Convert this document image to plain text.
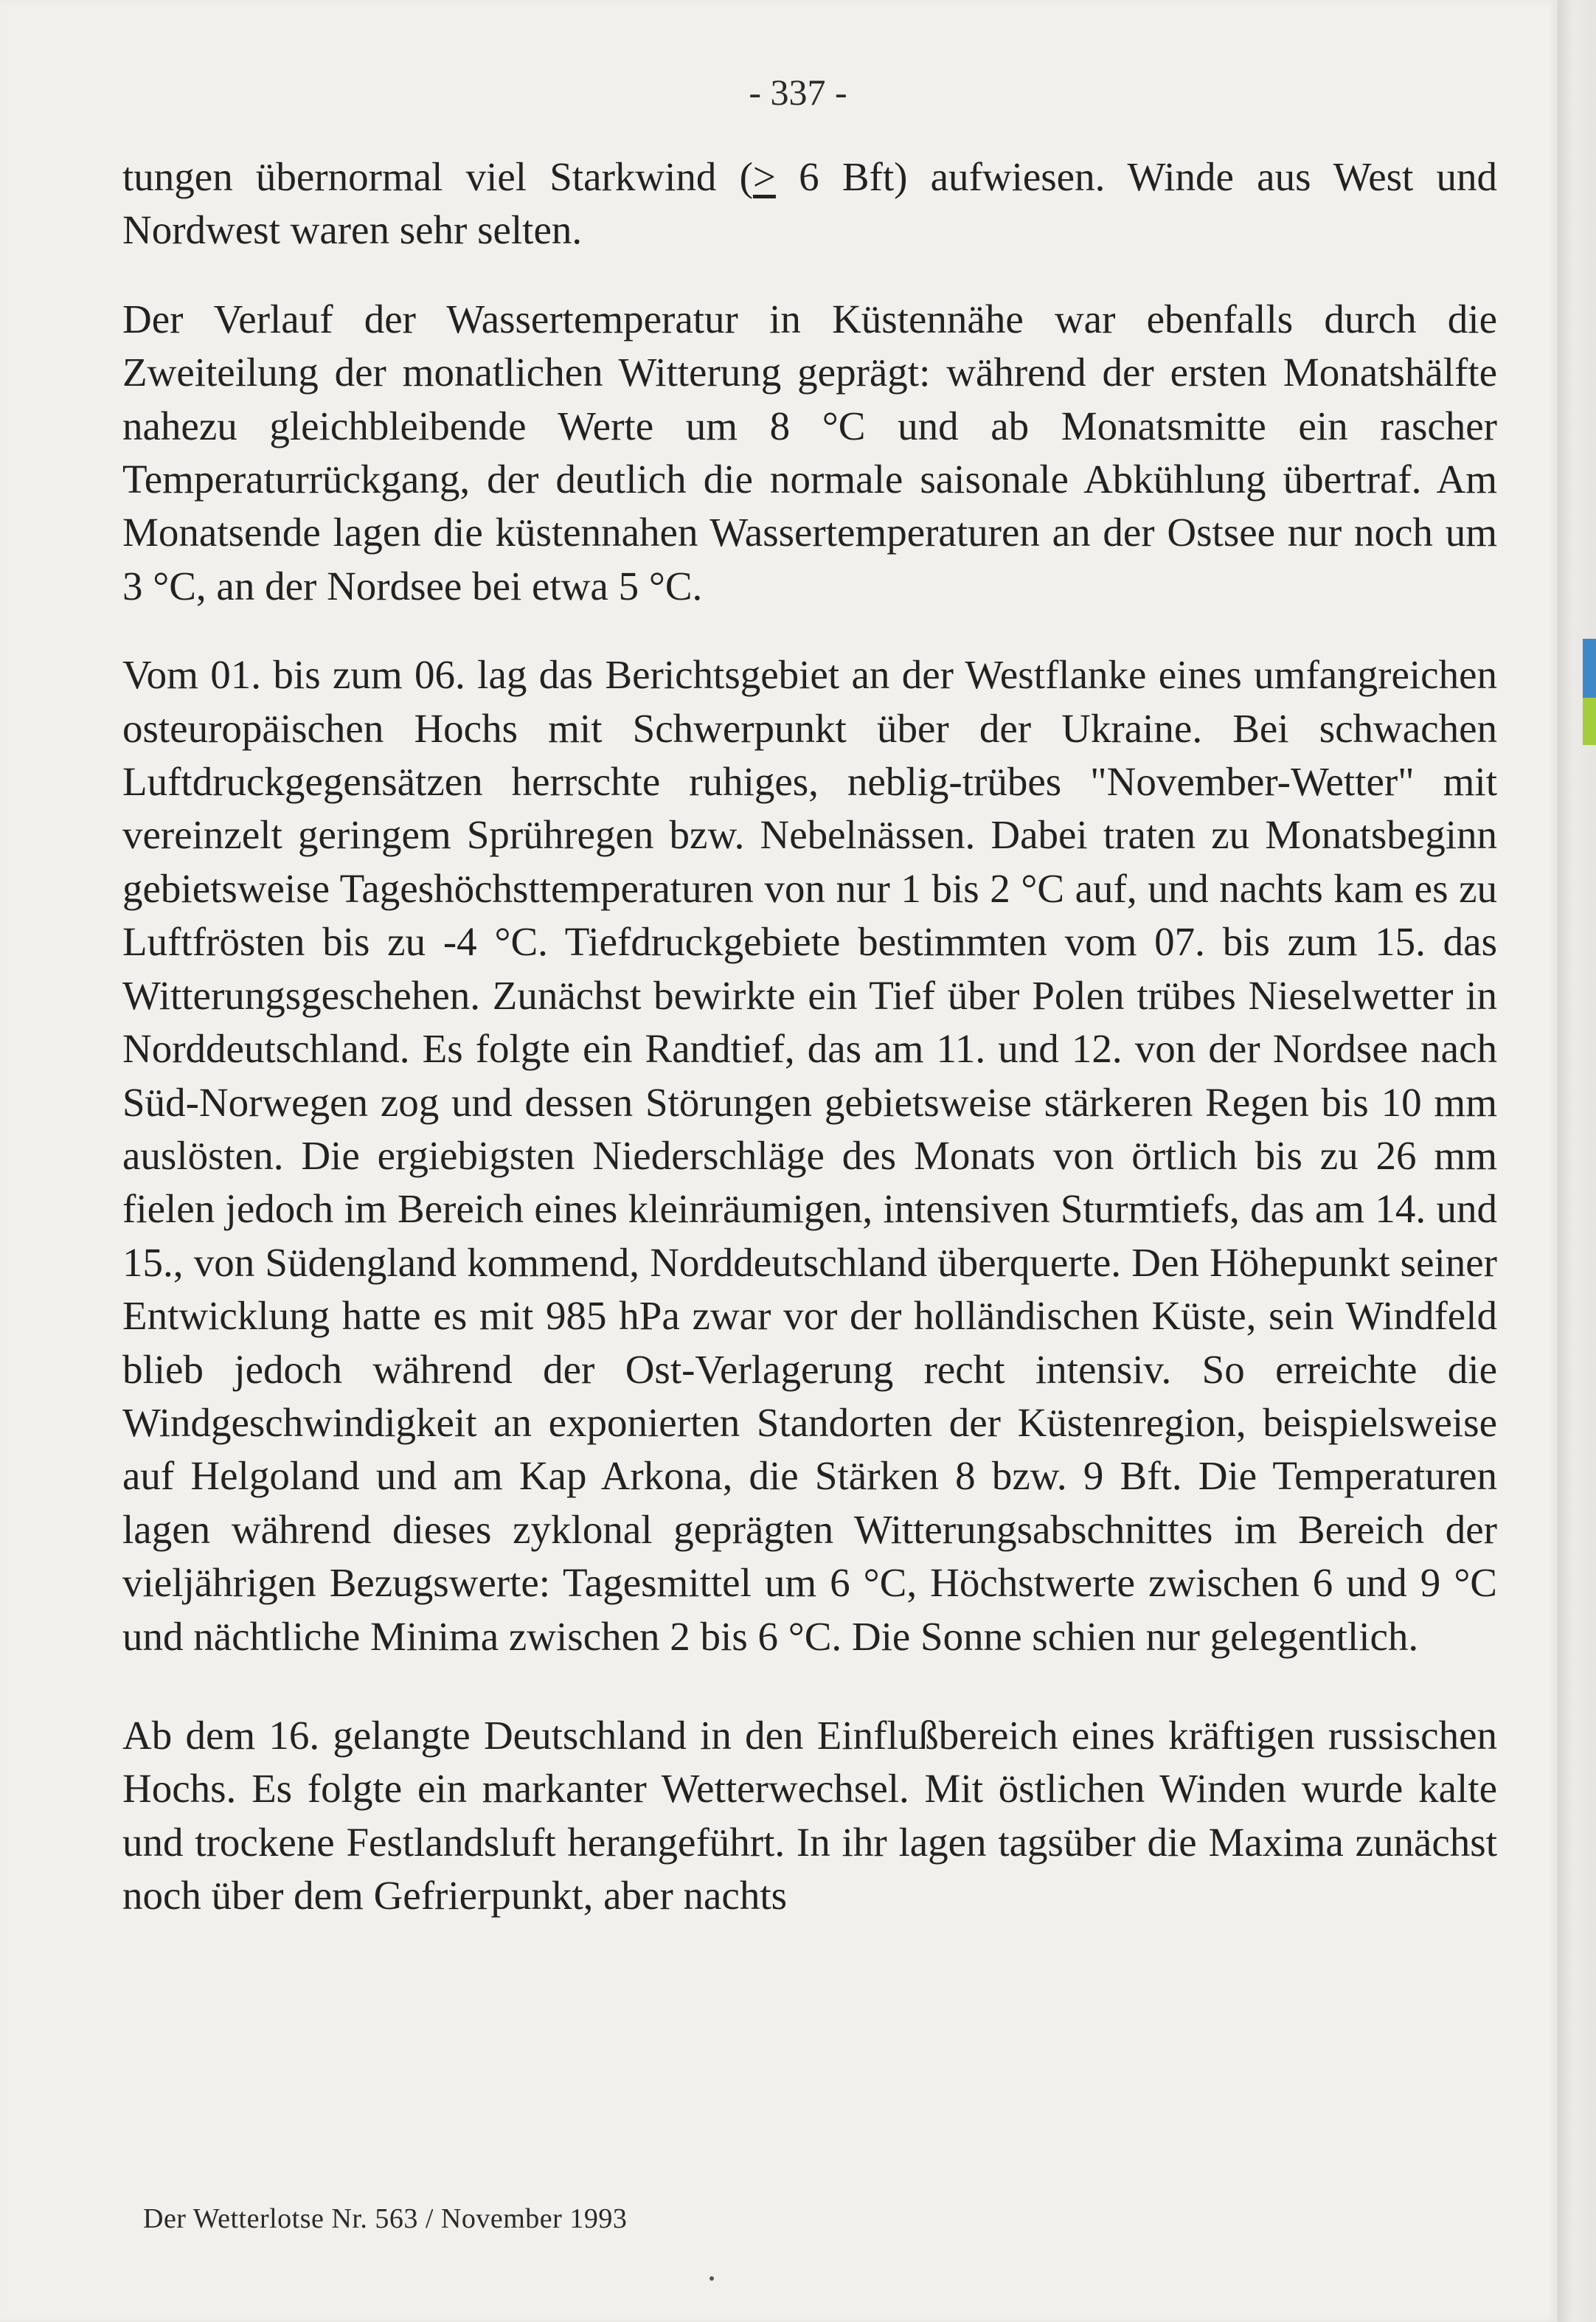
- 337 -

tungen übernormal viel Starkwind (≥ 6 Bft) aufwiesen. Winde aus West und Nordwest waren sehr selten.

Der Verlauf der Wassertemperatur in Küstennähe war ebenfalls durch die Zweiteilung der monatlichen Witterung geprägt: während der ersten Monatshälfte nahezu gleichbleibende Werte um 8 °C und ab Monatsmitte ein rascher Temperaturrückgang, der deutlich die normale saisonale Abkühlung übertraf. Am Monatsende lagen die küstennahen Wassertemperaturen an der Ostsee nur noch um 3 °C, an der Nordsee bei etwa 5 °C.

Vom 01. bis zum 06. lag das Berichtsgebiet an der Westflanke eines umfangreichen osteuropäischen Hochs mit Schwerpunkt über der Ukraine. Bei schwachen Luftdruckgegensätzen herrschte ruhiges, neblig-trübes "November-Wetter" mit vereinzelt geringem Sprühregen bzw. Nebelnässen. Dabei traten zu Monatsbeginn gebietsweise Tageshöchsttemperaturen von nur 1 bis 2 °C auf, und nachts kam es zu Luftfrösten bis zu -4 °C. Tiefdruckgebiete bestimmten vom 07. bis zum 15. das Witterungsgeschehen. Zunächst bewirkte ein Tief über Polen trübes Nieselwetter in Norddeutschland. Es folgte ein Randtief, das am 11. und 12. von der Nordsee nach Süd-Norwegen zog und dessen Störungen gebietsweise stärkeren Regen bis 10 mm auslösten. Die ergiebigsten Niederschläge des Monats von örtlich bis zu 26 mm fielen jedoch im Bereich eines kleinräumigen, intensiven Sturmtiefs, das am 14. und 15., von Südengland kommend, Norddeutschland überquerte. Den Höhepunkt seiner Entwicklung hatte es mit 985 hPa zwar vor der holländischen Küste, sein Windfeld blieb jedoch während der Ost-Verlagerung recht intensiv. So erreichte die Windgeschwindigkeit an exponierten Standorten der Küstenregion, beispielsweise auf Helgoland und am Kap Arkona, die Stärken 8 bzw. 9 Bft. Die Temperaturen lagen während dieses zyklonal geprägten Witterungsabschnittes im Bereich der vieljährigen Bezugswerte: Tagesmittel um 6 °C, Höchstwerte zwischen 6 und 9 °C und nächtliche Minima zwischen 2 bis 6 °C. Die Sonne schien nur gelegentlich.

Ab dem 16. gelangte Deutschland in den Einflußbereich eines kräftigen russischen Hochs. Es folgte ein markanter Wetterwechsel. Mit östlichen Winden wurde kalte und trockene Festlandsluft herangeführt. In ihr lagen tagsüber die Maxima zunächst noch über dem Gefrierpunkt, aber nachts

Der Wetterlotse Nr. 563 / November 1993
